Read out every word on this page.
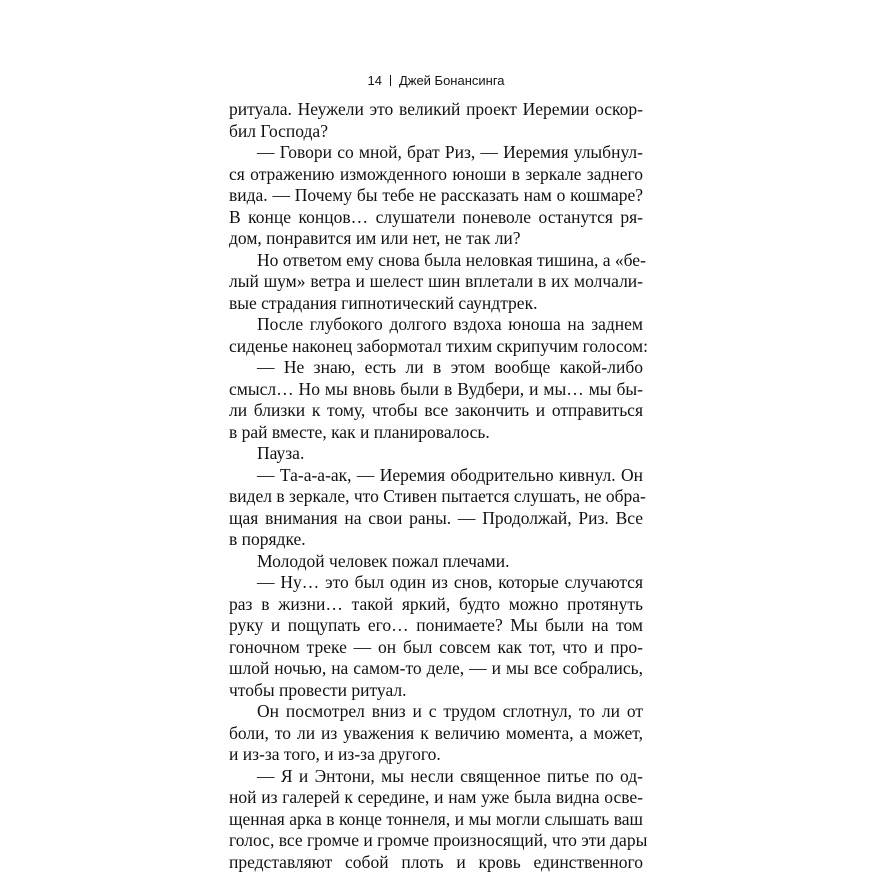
14 Джей Бонансинга
ритуала. Неужели это великий проект Иеремии оскор-
бил Господа?
— Говори со мной, брат Риз, — Иеремия улыбнул-
ся отражению изможденного юноши в зеркале заднего
вида. — Почему бы тебе не рассказать нам о кошмаре?
В конце концов… слушатели поневоле останутся ря-
дом, понравится им или нет, не так ли?
Но ответом ему снова была неловкая тишина, а «бе-
лый шум» ветра и шелест шин вплетали в их молчали-
вые страдания гипнотический саундтрек.
После глубокого долгого вздоха юноша на заднем
сиденье наконец забормотал тихим скрипучим голосом:
— Не знаю, есть ли в этом вообще какой-либо
смысл… Но мы вновь были в Вудбери, и мы… мы бы-
ли близки к тому, чтобы все закончить и отправиться
в рай вместе, как и планировалось.
Пауза.
— Та-а-а-ак, — Иеремия ободрительно кивнул. Он
видел в зеркале, что Стивен пытается слушать, не обра-
щая внимания на свои раны. — Продолжай, Риз. Все
в порядке.
Молодой человек пожал плечами.
— Ну… это был один из снов, которые случаются
раз в жизни… такой яркий, будто можно протянуть
руку и пощупать его… понимаете? Мы были на том
гоночном треке — он был совсем как тот, что и про-
шлой ночью, на самом-то деле, — и мы все собрались,
чтобы провести ритуал.
Он посмотрел вниз и с трудом сглотнул, то ли от
боли, то ли из уважения к величию момента, а может,
и из-за того, и из-за другого.
— Я и Энтони, мы несли священное питье по од-
ной из галерей к середине, и нам уже была видна осве-
щенная арка в конце тоннеля, и мы могли слышать ваш
голос, все громче и громче произносящий, что эти дары
представляют собой плоть и кровь единственного
